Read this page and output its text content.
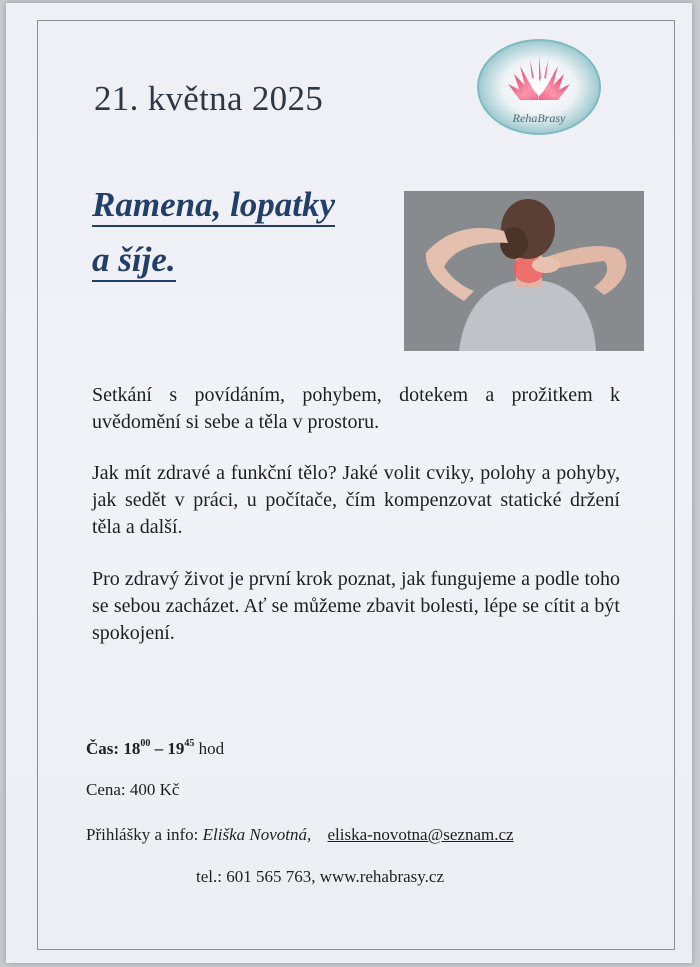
21. května 2025	RehaBrasy
Ramena, lopatky
a šíje.
Setkání s povídáním, pohybem, dotekem a prožitkem k uvědomění si sebe a těla v prostoru.
Jak mít zdravé a funkční tělo? Jaké volit cviky, polohy a pohyby, jak sedět v práci, u počítače, čím kompenzovat statické držení těla a další.
Pro zdravý život je první krok poznat, jak fungujeme a podle toho se sebou zacházet. Ať se můžeme zbavit bolesti, lépe se cítit a být spokojení.
Čas: $18^{00} - 19^{45}$ hod
Cena: 400 Kč
Přihlášky a info: Eliška Novotná, eliska-novotna@seznam.cz
tel.: 601 565 763, www.rehabrasy.cz
